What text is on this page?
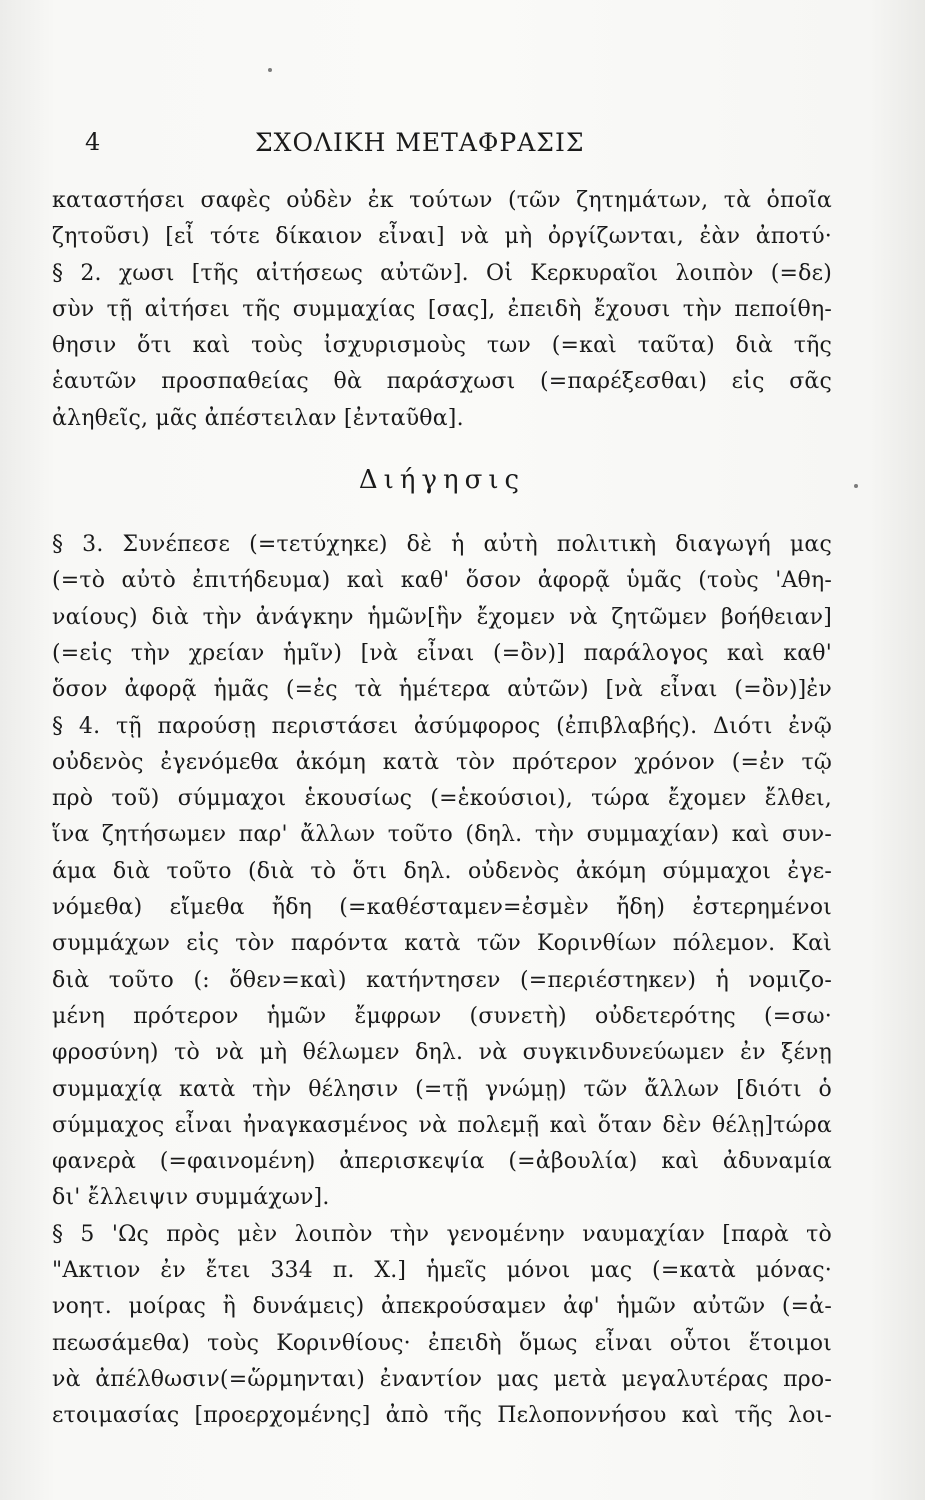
4	ΣΧΟΛΙΚΗ ΜΕΤΑΦΡΑΣΙΣ
καταστήσει σαφὲς οὐδὲν ἐκ τούτων (τῶν ζητημάτων, τὰ ὁποῖα
ζητοῦσι) [εἶ τότε δίκαιον εἶναι] νὰ μὴ ὀργίζωνται, ἐὰν ἀποτύ·
§ 2. χωσι [τῆς αἰτήσεως αὐτῶν]. Οἱ Κερκυραῖοι λοιπὸν (=δε)
σὺν τῇ αἰτήσει τῆς συμμαχίας [σας], ἐπειδὴ ἔχουσι τὴν πεποίθη-
θησιν ὅτι καὶ τοὺς ἰσχυρισμοὺς των (=καὶ ταῦτα) διὰ τῆς
ἑαυτῶν προσπαθείας θὰ παράσχωσι (=παρέξεσθαι) εἰς σᾶς
ἀληθεῖς, μᾶς ἀπέστειλαν [ἐνταῦθα].
Διήγησις
§ 3. Συνέπεσε (=τετύχηκε) δὲ ἡ αὐτὴ πολιτικὴ διαγωγή μας
(=τὸ αὐτὸ ἐπιτήδευμα) καὶ καθ' ὅσον ἀφορᾷ ὑμᾶς (τοὺς 'Αθη-
ναίους) διὰ τὴν ἀνάγκην ἡμῶν[ἣν ἔχομεν νὰ ζητῶμεν βοήθειαν]
(=εἰς τὴν χρείαν ἡμῖν) [νὰ εἶναι (=ὂν)] παράλογος καὶ καθ'
ὅσον ἀφορᾷ ἡμᾶς (=ἐς τὰ ἡμέτερα αὐτῶν) [νὰ εἶναι (=ὂν)]ἐν
§ 4. τῇ παρούσῃ περιστάσει ἀσύμφορος (ἐπιβλαβής). Διότι ἐνῷ
οὐδενὸς ἐγενόμεθα ἀκόμη κατὰ τὸν πρότερον χρόνον (=ἐν τῷ
πρὸ τοῦ) σύμμαχοι ἑκουσίως (=ἑκούσιοι), τώρα ἔχομεν ἔλθει,
ἵνα ζητήσωμεν παρ' ἄλλων τοῦτο (δηλ. τὴν συμμαχίαν) καὶ συν-
άμα διὰ τοῦτο (διὰ τὸ ὅτι δηλ. οὐδενὸς ἀκόμη σύμμαχοι ἐγε-
νόμεθα) εἴμεθα ἤδη (=καθέσταμεν=ἐσμὲν ἤδη) ἐστερημένοι
συμμάχων εἰς τὸν παρόντα κατὰ τῶν Κορινθίων πόλεμον. Καὶ
διὰ τοῦτο (: ὅθεν=καὶ) κατήντησεν (=περιέστηκεν) ἡ νομιζο-
μένη πρότερον ἡμῶν ἔμφρων (συνετὴ) οὐδετερότης (=σω·
φροσύνη) τὸ νὰ μὴ θέλωμεν δηλ. νὰ συγκινδυνεύωμεν ἐν ξένῃ
συμμαχίᾳ κατὰ τὴν θέλησιν (=τῇ γνώμῃ) τῶν ἄλλων [διότι ὁ
σύμμαχος εἶναι ἠναγκασμένος νὰ πολεμῇ καὶ ὅταν δὲν θέλῃ]τώρα
φανερὰ (=φαινομένη) ἀπερισκεψία (=ἀβουλία) καὶ ἀδυναμία
δι' ἔλλειψιν συμμάχων].
§ 5 'Ως πρὸς μὲν λοιπὸν τὴν γενομένην ναυμαχίαν [παρὰ τὸ
"Ακτιον ἐν ἔτει 334 π. Χ.] ἡμεῖς μόνοι μας (=κατὰ μόνας·
νοητ. μοίρας ἢ δυνάμεις) ἀπεκρούσαμεν ἀφ' ἡμῶν αὐτῶν (=ἀ-
πεωσάμεθα) τοὺς Κορινθίους· ἐπειδὴ ὅμως εἶναι οὗτοι ἕτοιμοι
νὰ ἀπέλθωσιν(=ὥρμηνται) ἐναντίον μας μετὰ μεγαλυτέρας προ-
ετοιμασίας [προερχομένης] ἀπὸ τῆς Πελοποννήσου καὶ τῆς λοι-
